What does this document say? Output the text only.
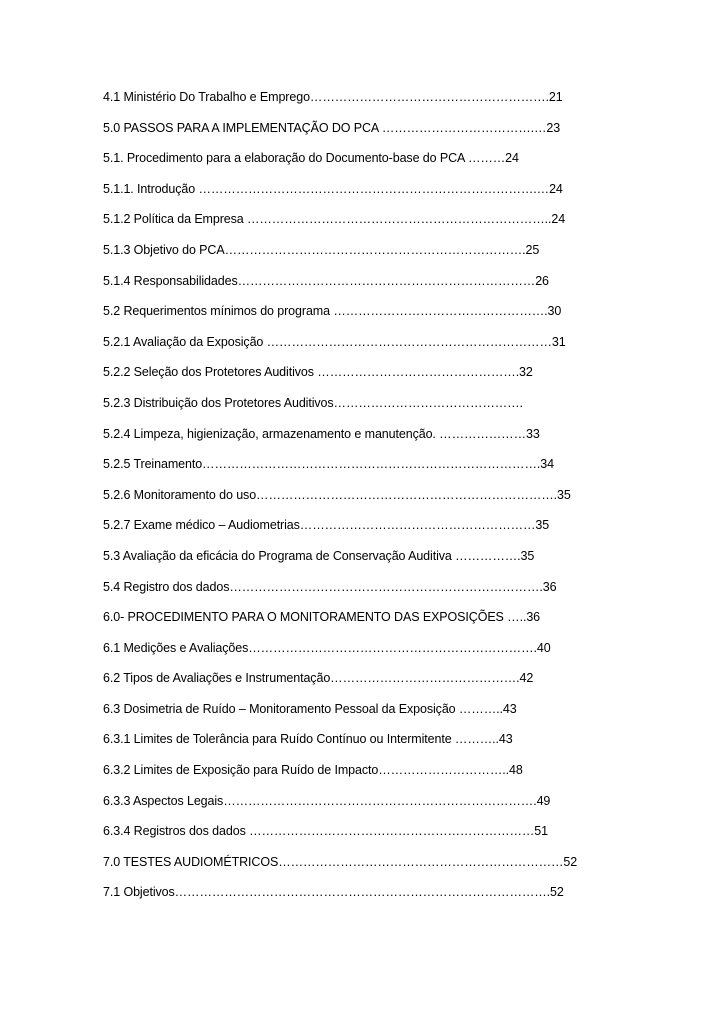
4.1 Ministério Do Trabalho e Emprego………………………………………………….21
5.0 PASSOS PARA A IMPLEMENTAÇÃO DO PCA ……………………………….…23
5.1. Procedimento para a elaboração do Documento-base do PCA ………24
5.1.1. Introdução ……………………………………………………………………….…24
5.1.2 Política da Empresa ………………………………………………………………..24
5.1.3 Objetivo do PCA……………………………………………………………….25
5.1.4 Responsabilidades………………………………………………………………26
5.2 Requerimentos mínimos do programa …………………………………………….30
5.2.1 Avaliação da Exposição ……………………………………………………………31
5.2.2 Seleção dos Protetores Auditivos ………………………………………….32
5.2.3 Distribuição dos Protetores Auditivos……………………………………….
5.2.4 Limpeza, higienização, armazenamento e manutenção. …………………33
5.2.5 Treinamento……………………………………………………………………….34
5.2.6 Monitoramento do uso……………………………………………………………….35
5.2.7 Exame médico – Audiometrias…………………………………………………35
5.3 Avaliação da eficácia do Programa de Conservação Auditiva …………….35
5.4 Registro dos dados………………………………………………………………….36
6.0- PROCEDIMENTO PARA O MONITORAMENTO DAS EXPOSIÇÕES …..36
6.1 Medições e Avaliações…………………………………………………………….40
6.2 Tipos de Avaliações e Instrumentação……………………………………….42
6.3 Dosimetria de Ruído – Monitoramento Pessoal da Exposição ………..43
6.3.1 Limites de Tolerância para Ruído Contínuo ou Intermitente ………..43
6.3.2 Limites de Exposição para Ruído de Impacto…………………………..48
6.3.3 Aspectos Legais………………………………………………………………….49
6.3.4 Registros dos dados ……………………………………………………………51
7.0 TESTES AUDIOMÉTRICOS……………………………………………………………52
7.1 Objetivos……………………………………………………………………………….52
